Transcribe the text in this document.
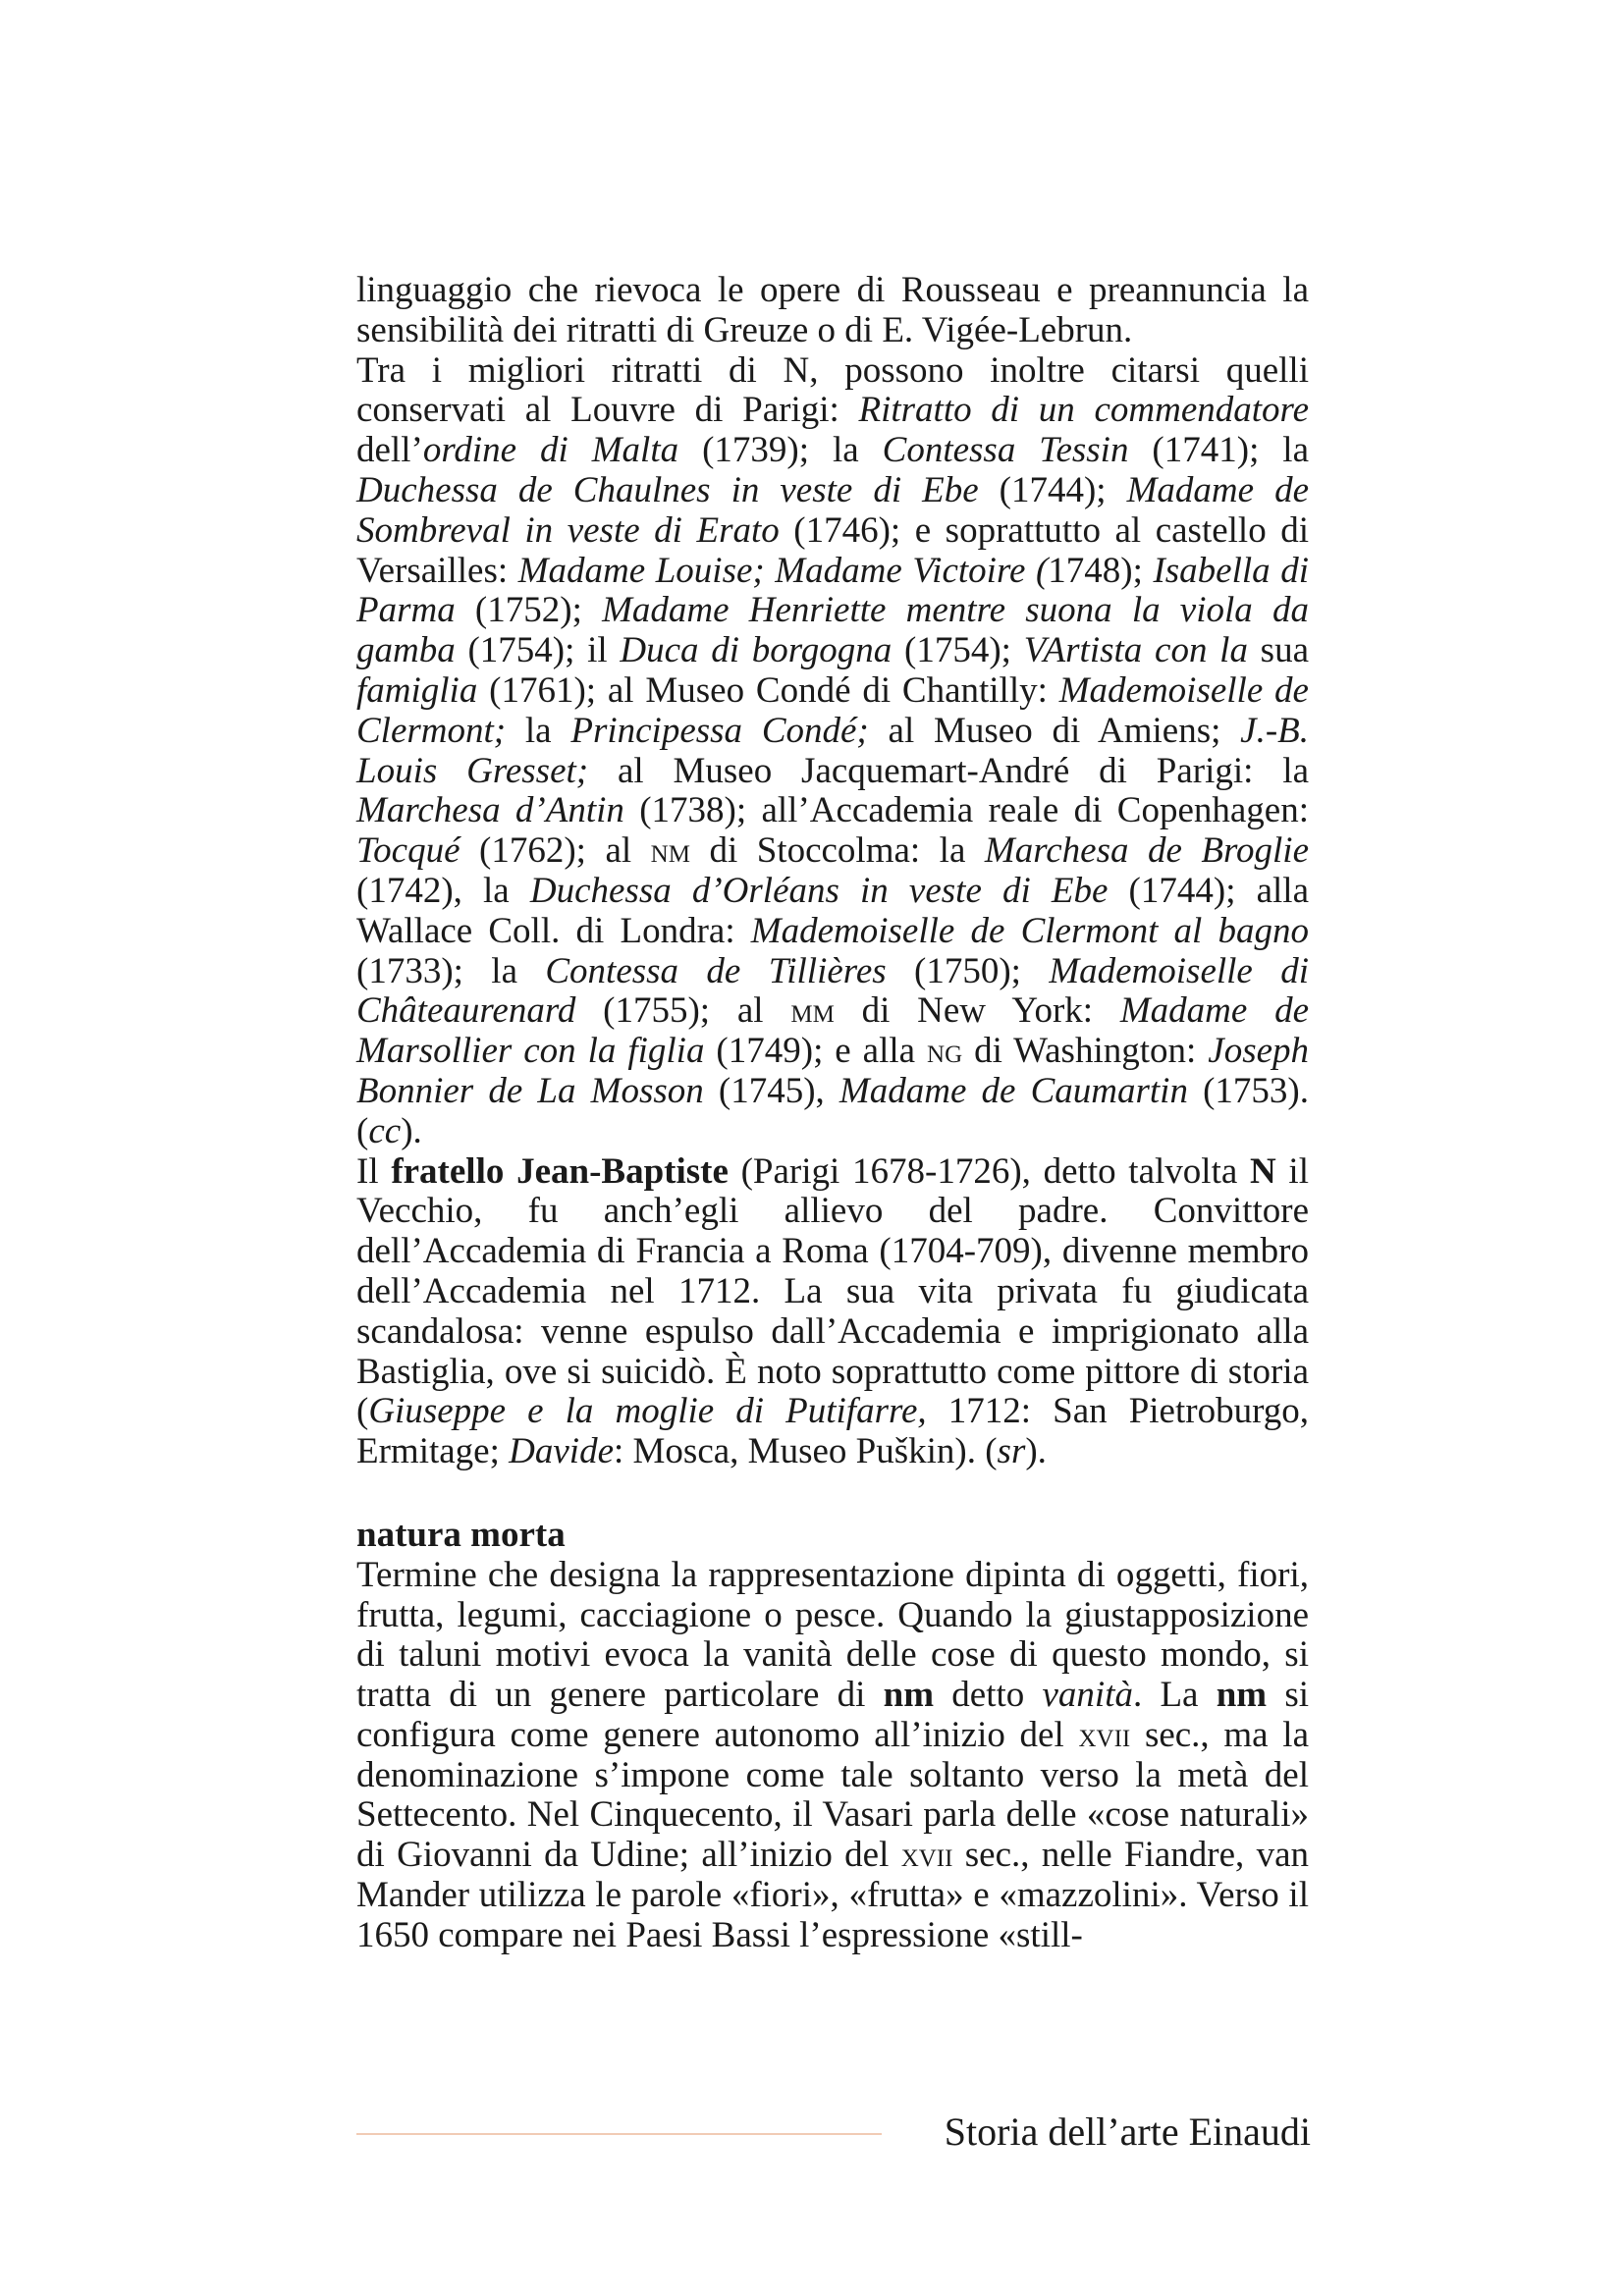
linguaggio che rievoca le opere di Rousseau e preannuncia la sensibilità dei ritratti di Greuze o di E. Vigée-Lebrun.

Tra i migliori ritratti di N, possono inoltre citarsi quelli conservati al Louvre di Parigi: Ritratto di un commendatore dell’ordine di Malta (1739); la Contessa Tessin (1741); la Duchessa de Chaulnes in veste di Ebe (1744); Madame de Sombreval in veste di Erato (1746); e soprattutto al castello di Versailles: Madame Louise; Madame Victoire (1748); Isabella di Parma (1752); Madame Henriette mentre suona la viola da gamba (1754); il Duca di borgogna (1754); VArtista con la sua famiglia (1761); al Museo Condé di Chantilly: Mademoiselle de Clermont; la Principessa Condé; al Museo di Amiens; J.-B. Louis Gresset; al Museo Jacquemart-André di Parigi: la Marchesa d’Antin (1738); all’Accademia reale di Copenhagen: Tocqué (1762); al nm di Stoccolma: la Marchesa de Broglie (1742), la Duchessa d’Orléans in veste di Ebe (1744); alla Wallace Coll. di Londra: Mademoiselle de Clermont al bagno (1733); la Contessa de Tillières (1750); Mademoiselle di Châteaurenard (1755); al mm di New York: Madame de Marsollier con la figlia (1749); e alla ng di Washington: Joseph Bonnier de La Mosson (1745), Madame de Caumartin (1753). (cc).

Il fratello Jean-Baptiste (Parigi 1678-1726), detto talvolta N il Vecchio, fu anch’egli allievo del padre. Convittore dell’Accademia di Francia a Roma (1704-709), divenne membro dell’Accademia nel 1712. La sua vita privata fu giudicata scandalosa: venne espulso dall’Accademia e imprigionato alla Bastiglia, ove si suicidò. È noto soprattutto come pittore di storia (Giuseppe e la moglie di Putifarre, 1712: San Pietroburgo, Ermitage; Davide: Mosca, Museo Puškin). (sr).

natura morta

Termine che designa la rappresentazione dipinta di oggetti, fiori, frutta, legumi, cacciagione o pesce. Quando la giustapposizione di taluni motivi evoca la vanità delle cose di questo mondo, si tratta di un genere particolare di nm detto vanità. La nm si configura come genere autonomo all’inizio del xvii sec., ma la denominazione s’impone come tale soltanto verso la metà del Settecento. Nel Cinquecento, il Vasari parla delle «cose naturali» di Giovanni da Udine; all’inizio del xvii sec., nelle Fiandre, van Mander utilizza le parole «fiori», «frutta» e «mazzolini». Verso il 1650 compare nei Paesi Bassi l’espressione «still-

Storia dell’arte Einaudi
